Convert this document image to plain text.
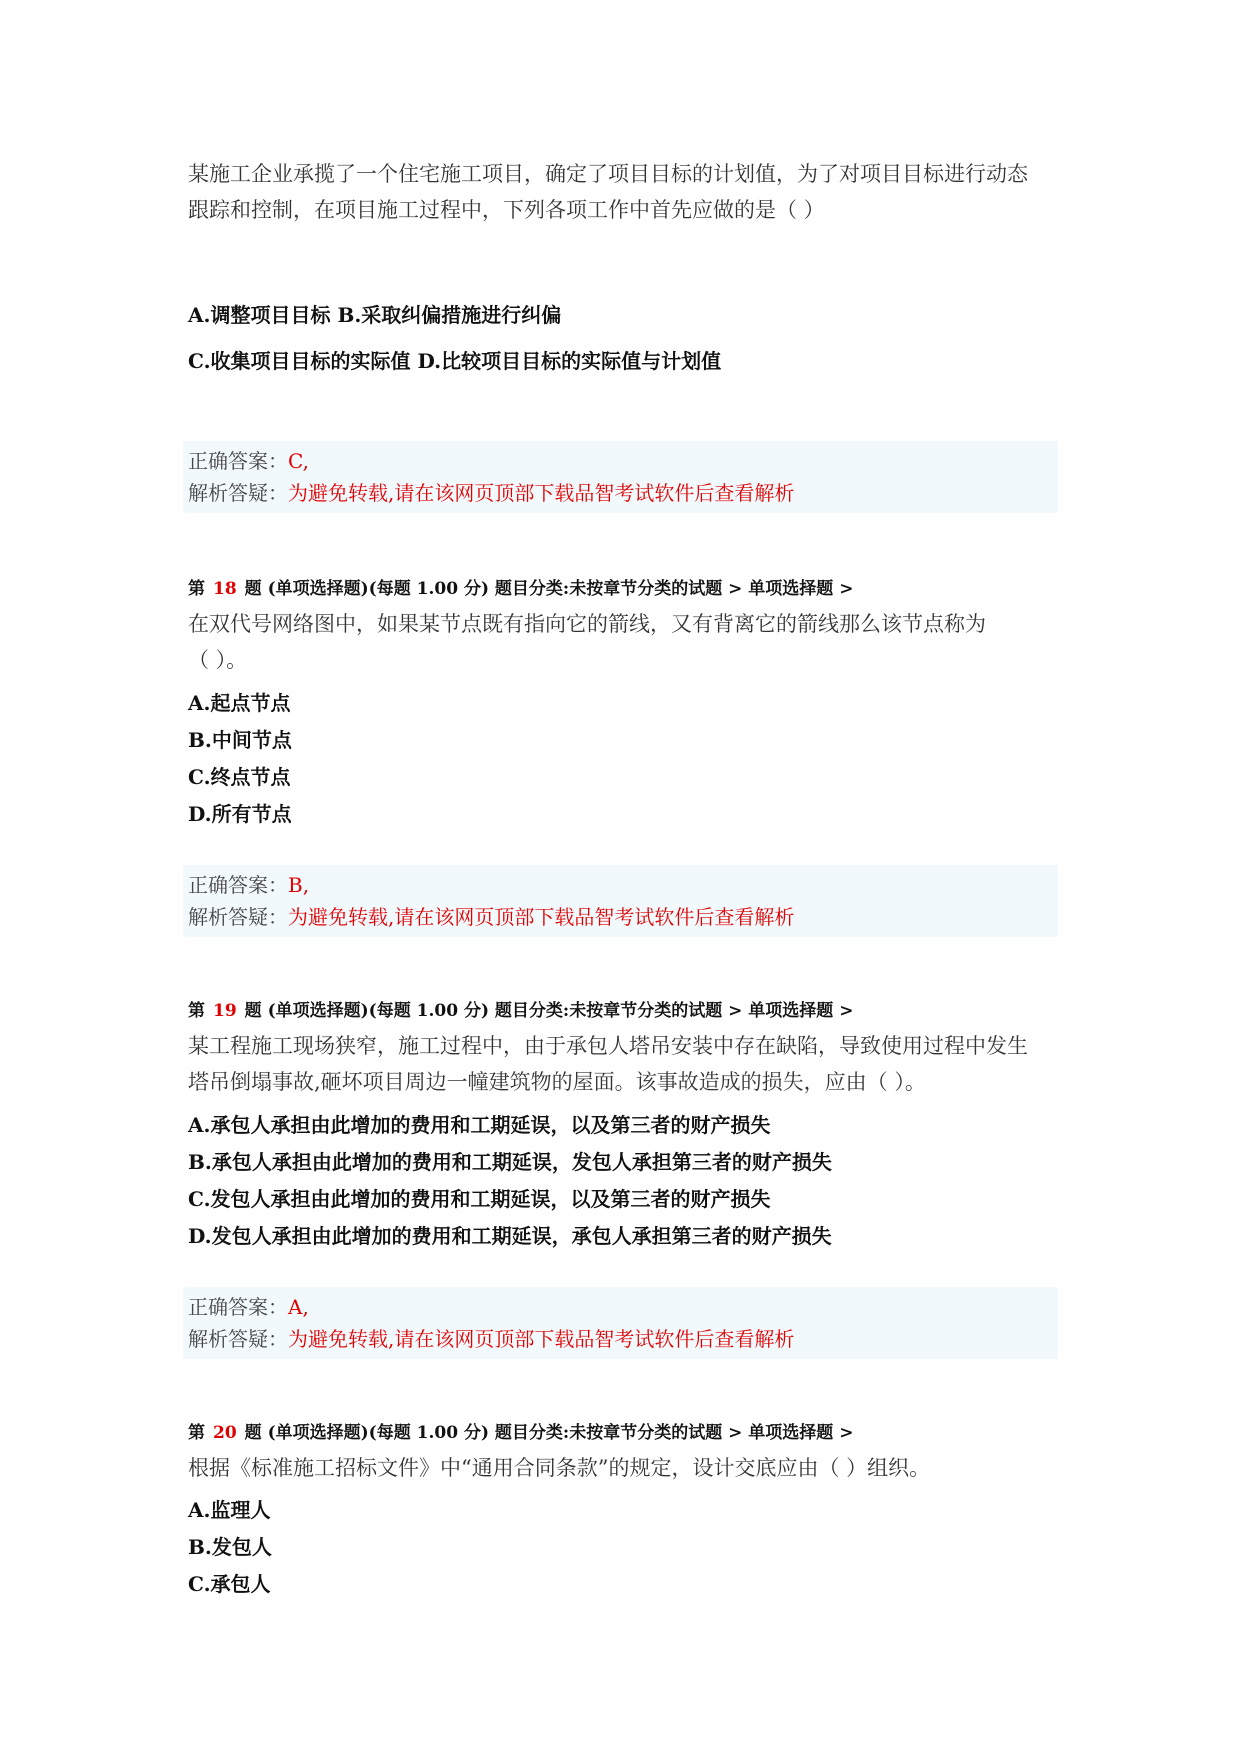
某施工企业承揽了一个住宅施工项目，确定了项目目标的计划值，为了对项目目标进行动态

跟踪和控制，在项目施工过程中，下列各项工作中首先应做的是（ ）

A.调整项目目标 B.采取纠偏措施进行纠偏

C.收集项目目标的实际值 D.比较项目目标的实际值与计划值

正确答案：C,
解析答疑：为避免转载,请在该网页顶部下载品智考试软件后查看解析
第 18 题 (单项选择题)(每题 1.00 分) 题目分类:未按章节分类的试题 > 单项选择题 >

在双代号网络图中，如果某节点既有指向它的箭线，又有背离它的箭线那么该节点称为

（ ）。

A.起点节点

B.中间节点

C.终点节点

D.所有节点

正确答案：B,
解析答疑：为避免转载,请在该网页顶部下载品智考试软件后查看解析
第 19 题 (单项选择题)(每题 1.00 分) 题目分类:未按章节分类的试题 > 单项选择题 >

某工程施工现场狭窄，施工过程中，由于承包人塔吊安装中存在缺陷，导致使用过程中发生

塔吊倒塌事故,砸坏项目周边一幢建筑物的屋面。该事故造成的损失，应由（ ）。

A.承包人承担由此增加的费用和工期延误，以及第三者的财产损失

B.承包人承担由此增加的费用和工期延误，发包人承担第三者的财产损失

C.发包人承担由此增加的费用和工期延误，以及第三者的财产损失

D.发包人承担由此增加的费用和工期延误，承包人承担第三者的财产损失

正确答案：A,
解析答疑：为避免转载,请在该网页顶部下载品智考试软件后查看解析
第 20 题 (单项选择题)(每题 1.00 分) 题目分类:未按章节分类的试题 > 单项选择题 >

根据《标准施工招标文件》中“通用合同条款”的规定，设计交底应由（ ）组织。

A.监理人

B.发包人

C.承包人
